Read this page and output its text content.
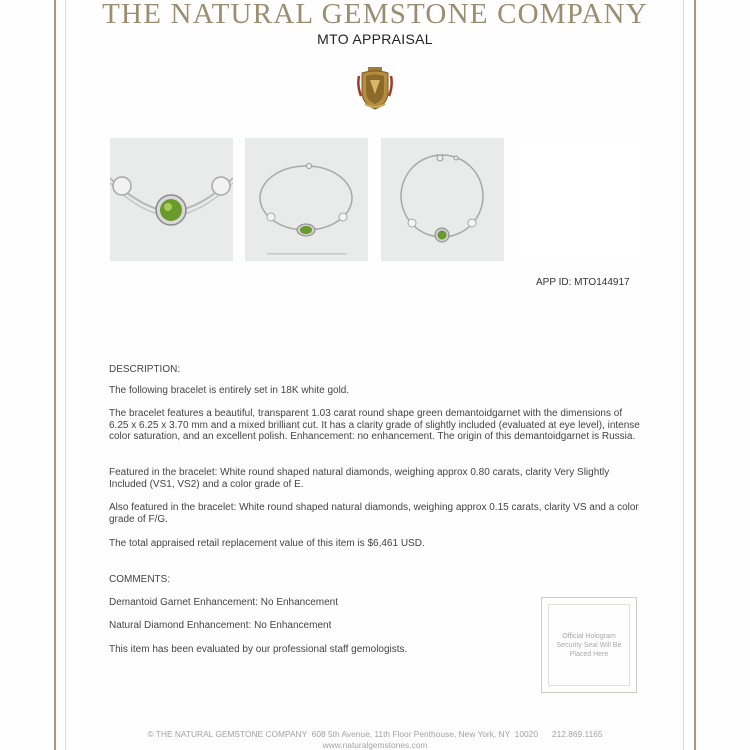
THE NATURAL GEMSTONE COMPANY
MTO APPRAISAL
APP ID: MTO144917
DESCRIPTION:
The following bracelet is entirely set in 18K white gold.
The bracelet features a beautiful, transparent 1.03 carat round shape green demantoidgarnet with the dimensions of 6.25 x 6.25 x 3.70 mm and a mixed brilliant cut. It has a clarity grade of slightly included (evaluated at eye level), intense color saturation, and an excellent polish. Enhancement: no enhancement. The origin of this demantoidgarnet is Russia.
Featured in the bracelet: White round shaped natural diamonds, weighing approx 0.80 carats, clarity Very Slightly Included (VS1, VS2) and a color grade of E.
Also featured in the bracelet: White round shaped natural diamonds, weighing approx 0.15 carats, clarity VS and a color grade of F/G.
The total appraised retail replacement value of this item is $6,461 USD.
COMMENTS:
Demantoid Garnet Enhancement: No Enhancement
Natural Diamond Enhancement: No Enhancement
This item has been evaluated by our professional staff gemologists.
Official Hologram Security Seal Will Be Placed Here
© THE NATURAL GEMSTONE COMPANY  608 5th Avenue, 11th Floor Penthouse, New York, NY  10020      212.869.1165
www.naturalgemstones.com
